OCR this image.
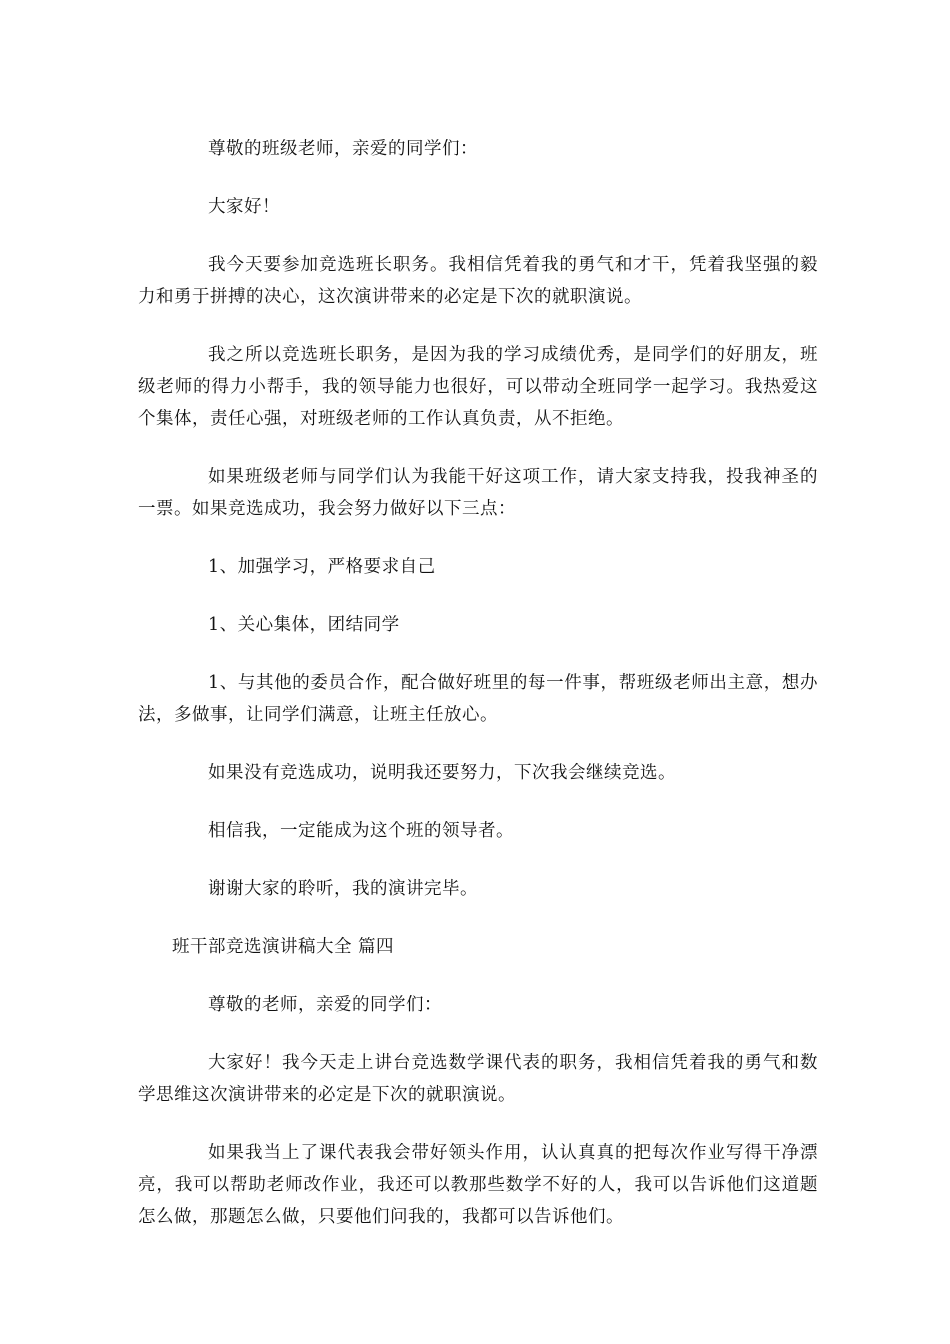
尊敬的班级老师，亲爱的同学们：

大家好！

我今天要参加竞选班长职务。我相信凭着我的勇气和才干，凭着我坚强的毅力和勇于拼搏的决心，这次演讲带来的必定是下次的就职演说。

我之所以竞选班长职务，是因为我的学习成绩优秀，是同学们的好朋友，班级老师的得力小帮手，我的领导能力也很好，可以带动全班同学一起学习。我热爱这个集体，责任心强，对班级老师的工作认真负责，从不拒绝。

如果班级老师与同学们认为我能干好这项工作，请大家支持我，投我神圣的一票。如果竞选成功，我会努力做好以下三点：

1、加强学习，严格要求自己

1、关心集体，团结同学

1、与其他的委员合作，配合做好班里的每一件事，帮班级老师出主意，想办法，多做事，让同学们满意，让班主任放心。

如果没有竞选成功，说明我还要努力，下次我会继续竞选。

相信我，一定能成为这个班的领导者。

谢谢大家的聆听，我的演讲完毕。

班干部竞选演讲稿大全 篇四

尊敬的老师，亲爱的同学们：

大家好！我今天走上讲台竞选数学课代表的职务，我相信凭着我的勇气和数学思维这次演讲带来的必定是下次的就职演说。

如果我当上了课代表我会带好领头作用，认认真真的把每次作业写得干净漂亮，我可以帮助老师改作业，我还可以教那些数学不好的人，我可以告诉他们这道题怎么做，那题怎么做，只要他们问我的，我都可以告诉他们。
